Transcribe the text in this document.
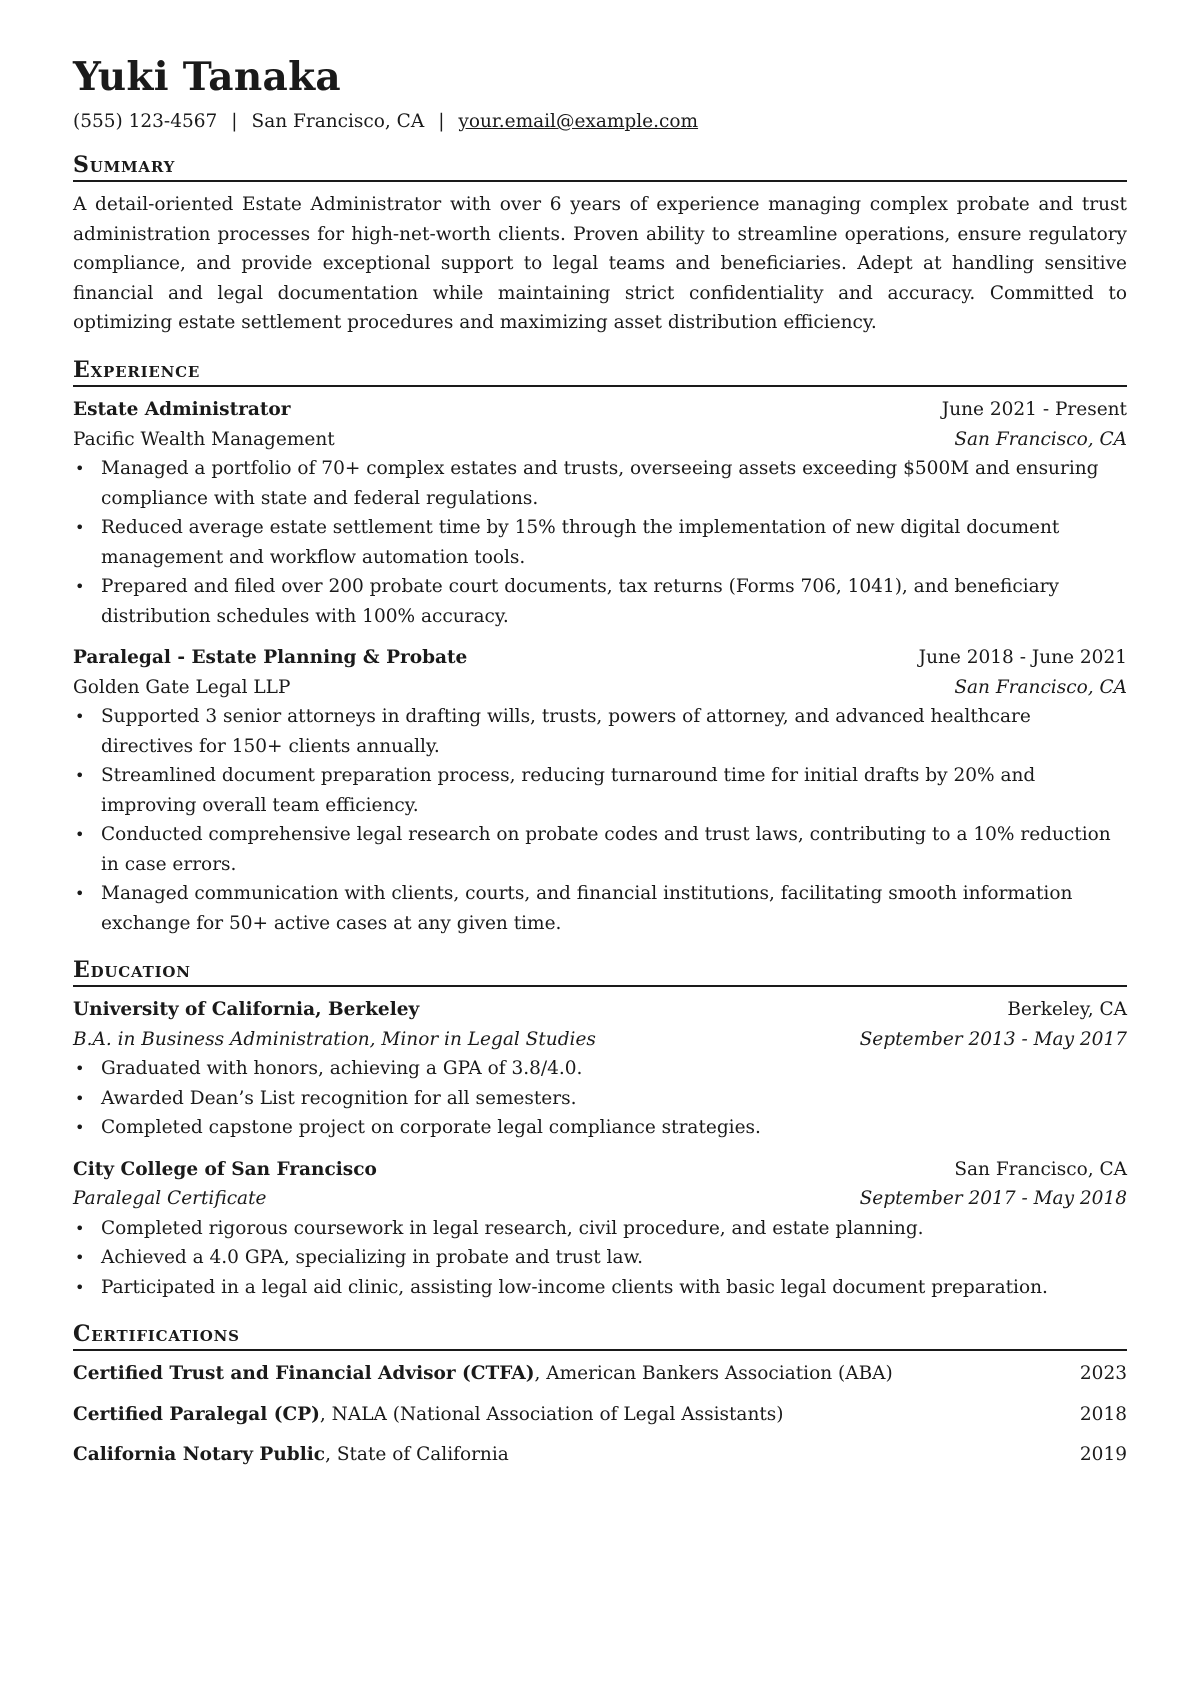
Yuki Tanaka
(555) 123-4567 | San Francisco, CA | your.email@example.com
Summary
A detail-oriented Estate Administrator with over 6 years of experience managing complex probate and trust administration processes for high-net-worth clients. Proven ability to streamline operations, ensure regulatory compliance, and provide exceptional support to legal teams and beneficiaries. Adept at handling sensitive financial and legal documentation while maintaining strict confidentiality and accuracy. Committed to optimizing estate settlement procedures and maximizing asset distribution efficiency.
Experience
Estate Administrator	June 2021 - Present
Pacific Wealth Management	San Francisco, CA
• Managed a portfolio of 70+ complex estates and trusts, overseeing assets exceeding $500M and ensuring compliance with state and federal regulations.
• Reduced average estate settlement time by 15% through the implementation of new digital document management and workflow automation tools.
• Prepared and filed over 200 probate court documents, tax returns (Forms 706, 1041), and beneficiary distribution schedules with 100% accuracy.
Paralegal - Estate Planning & Probate	June 2018 - June 2021
Golden Gate Legal LLP	San Francisco, CA
• Supported 3 senior attorneys in drafting wills, trusts, powers of attorney, and advanced healthcare directives for 150+ clients annually.
• Streamlined document preparation process, reducing turnaround time for initial drafts by 20% and improving overall team efficiency.
• Conducted comprehensive legal research on probate codes and trust laws, contributing to a 10% reduction in case errors.
• Managed communication with clients, courts, and financial institutions, facilitating smooth information exchange for 50+ active cases at any given time.
Education
University of California, Berkeley	Berkeley, CA
B.A. in Business Administration, Minor in Legal Studies	September 2013 - May 2017
• Graduated with honors, achieving a GPA of 3.8/4.0.
• Awarded Dean’s List recognition for all semesters.
• Completed capstone project on corporate legal compliance strategies.
City College of San Francisco	San Francisco, CA
Paralegal Certificate	September 2017 - May 2018
• Completed rigorous coursework in legal research, civil procedure, and estate planning.
• Achieved a 4.0 GPA, specializing in probate and trust law.
• Participated in a legal aid clinic, assisting low-income clients with basic legal document preparation.
Certifications
Certified Trust and Financial Advisor (CTFA), American Bankers Association (ABA)	2023
Certified Paralegal (CP), NALA (National Association of Legal Assistants)	2018
California Notary Public, State of California	2019
